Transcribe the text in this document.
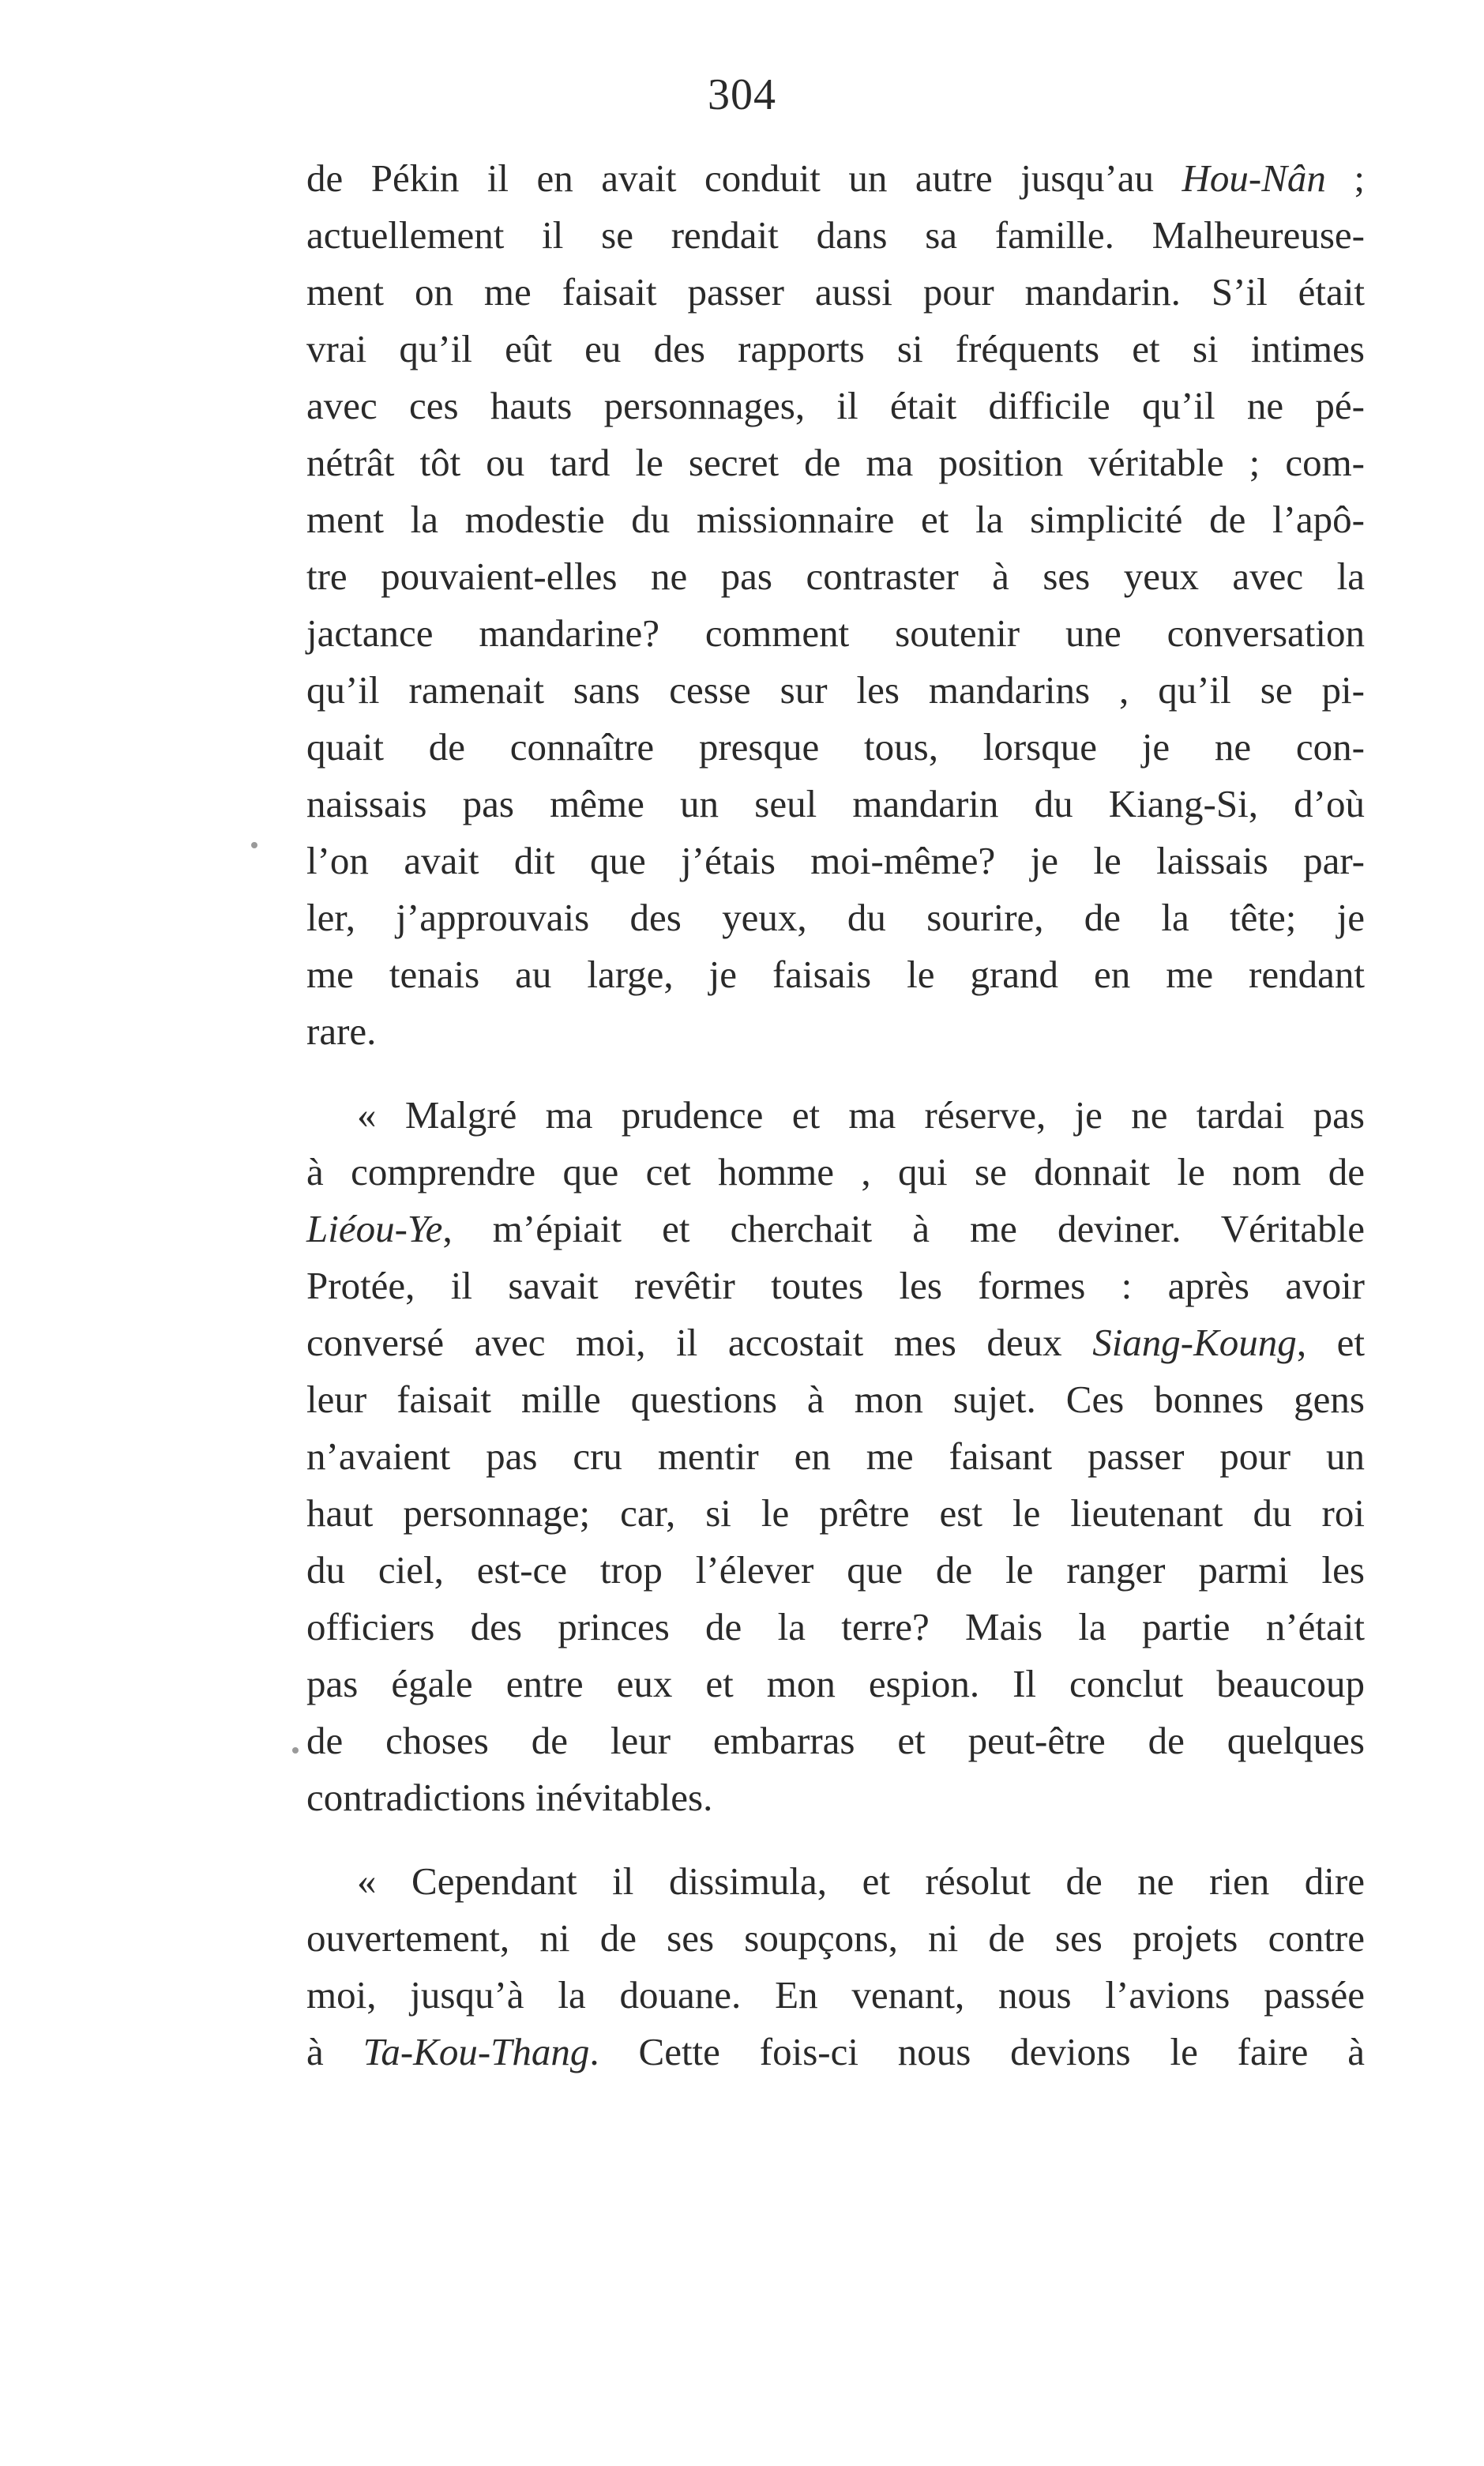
304
de Pékin il en avait conduit un autre jusqu’au Hou-Nân ;
actuellement il se rendait dans sa famille. Malheureuse-
ment on me faisait passer aussi pour mandarin. S’il était
vrai qu’il eût eu des rapports si fréquents et si intimes
avec ces hauts personnages, il était difficile qu’il ne pé-
nétrât tôt ou tard le secret de ma position véritable ; com-
ment la modestie du missionnaire et la simplicité de l’apô-
tre pouvaient-elles ne pas contraster à ses yeux avec la
jactance mandarine? comment soutenir une conversation
qu’il ramenait sans cesse sur les mandarins , qu’il se pi-
quait de connaître presque tous, lorsque je ne con-
naissais pas même un seul mandarin du Kiang-Si, d’où
l’on avait dit que j’étais moi-même? je le laissais par-
ler, j’approuvais des yeux, du sourire, de la tête; je
me tenais au large, je faisais le grand en me rendant
rare.
« Malgré ma prudence et ma réserve, je ne tardai pas
à comprendre que cet homme , qui se donnait le nom de
Liéou-Ye, m’épiait et cherchait à me deviner. Véritable
Protée, il savait revêtir toutes les formes : après avoir
conversé avec moi, il accostait mes deux Siang-Koung, et
leur faisait mille questions à mon sujet. Ces bonnes gens
n’avaient pas cru mentir en me faisant passer pour un
haut personnage; car, si le prêtre est le lieutenant du roi
du ciel, est-ce trop l’élever que de le ranger parmi les
officiers des princes de la terre? Mais la partie n’était
pas égale entre eux et mon espion. Il conclut beaucoup
de choses de leur embarras et peut-être de quelques
contradictions inévitables.
« Cependant il dissimula, et résolut de ne rien dire
ouvertement, ni de ses soupçons, ni de ses projets contre
moi, jusqu’à la douane. En venant, nous l’avions passée
à Ta-Kou-Thang. Cette fois-ci nous devions le faire à
